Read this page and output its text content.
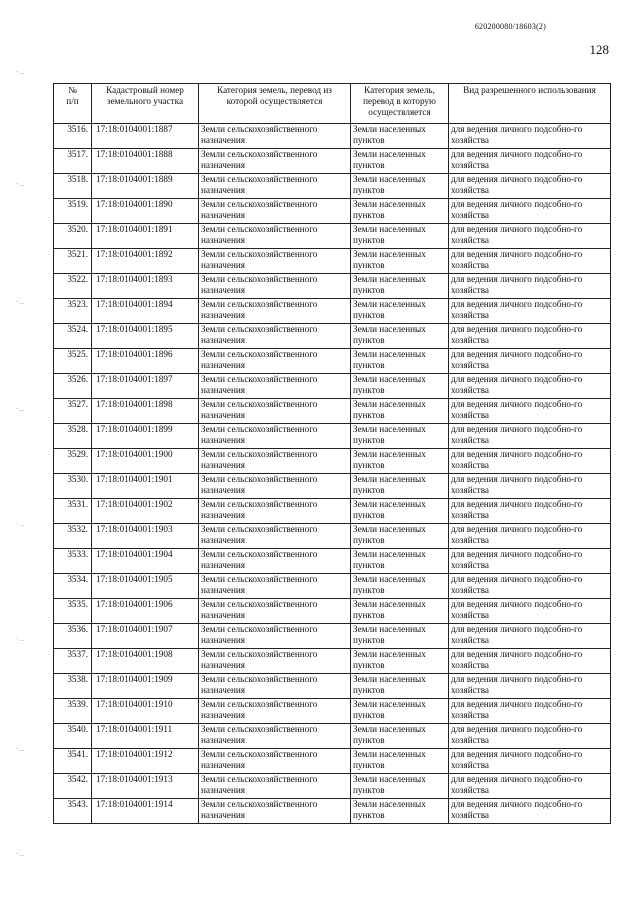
620200080/18603(2)
128
·..
·..
·..
·..
·..
·..
·..
·..
№
п/п	Кадастровый номер земельного участка	Категория земель, перевод из которой осуществляется	Категория земель, перевод в которую осуществляется	Вид разрешенного использования
3516.	17:18:0104001:1887	Земли сельскохозяйственного назначения	Земли населенных пунктов	для ведения личного подсобно-го хозяйства
3517.	17:18:0104001:1888	Земли сельскохозяйственного назначения	Земли населенных пунктов	для ведения личного подсобно-го хозяйства
3518.	17:18:0104001:1889	Земли сельскохозяйственного назначения	Земли населенных пунктов	для ведения личного подсобно-го хозяйства
3519.	17:18:0104001:1890	Земли сельскохозяйственного назначения	Земли населенных пунктов	для ведения личного подсобно-го хозяйства
3520.	17:18:0104001:1891	Земли сельскохозяйственного назначения	Земли населенных пунктов	для ведения личного подсобно-го хозяйства
3521.	17:18:0104001:1892	Земли сельскохозяйственного назначения	Земли населенных пунктов	для ведения личного подсобно-го хозяйства
3522.	17:18:0104001:1893	Земли сельскохозяйственного назначения	Земли населенных пунктов	для ведения личного подсобно-го хозяйства
3523.	17:18:0104001:1894	Земли сельскохозяйственного назначения	Земли населенных пунктов	для ведения личного подсобно-го хозяйства
3524.	17:18:0104001:1895	Земли сельскохозяйственного назначения	Земли населенных пунктов	для ведения личного подсобно-го хозяйства
3525.	17:18:0104001:1896	Земли сельскохозяйственного назначения	Земли населенных пунктов	для ведения личного подсобно-го хозяйства
3526.	17:18:0104001:1897	Земли сельскохозяйственного назначения	Земли населенных пунктов	для ведения личного подсобно-го хозяйства
3527.	17:18:0104001:1898	Земли сельскохозяйственного назначения	Земли населенных пунктов	для ведения личного подсобно-го хозяйства
3528.	17:18:0104001:1899	Земли сельскохозяйственного назначения	Земли населенных пунктов	для ведения личного подсобно-го хозяйства
3529.	17:18:0104001:1900	Земли сельскохозяйственного назначения	Земли населенных пунктов	для ведения личного подсобно-го хозяйства
3530.	17:18:0104001:1901	Земли сельскохозяйственного назначения	Земли населенных пунктов	для ведения личного подсобно-го хозяйства
3531.	17:18:0104001:1902	Земли сельскохозяйственного назначения	Земли населенных пунктов	для ведения личного подсобно-го хозяйства
3532.	17:18:0104001:1903	Земли сельскохозяйственного назначения	Земли населенных пунктов	для ведения личного подсобно-го хозяйства
3533.	17:18:0104001:1904	Земли сельскохозяйственного назначения	Земли населенных пунктов	для ведения личного подсобно-го хозяйства
3534.	17:18:0104001:1905	Земли сельскохозяйственного назначения	Земли населенных пунктов	для ведения личного подсобно-го хозяйства
3535.	17:18:0104001:1906	Земли сельскохозяйственного назначения	Земли населенных пунктов	для ведения личного подсобно-го хозяйства
3536.	17:18:0104001:1907	Земли сельскохозяйственного назначения	Земли населенных пунктов	для ведения личного подсобно-го хозяйства
3537.	17:18:0104001:1908	Земли сельскохозяйственного назначения	Земли населенных пунктов	для ведения личного подсобно-го хозяйства
3538.	17:18:0104001:1909	Земли сельскохозяйственного назначения	Земли населенных пунктов	для ведения личного подсобно-го хозяйства
3539.	17:18:0104001:1910	Земли сельскохозяйственного назначения	Земли населенных пунктов	для ведения личного подсобно-го хозяйства
3540.	17:18:0104001:1911	Земли сельскохозяйственного назначения	Земли населенных пунктов	для ведения личного подсобно-го хозяйства
3541.	17:18:0104001:1912	Земли сельскохозяйственного назначения	Земли населенных пунктов	для ведения личного подсобно-го хозяйства
3542.	17:18:0104001:1913	Земли сельскохозяйственного назначения	Земли населенных пунктов	для ведения личного подсобно-го хозяйства
3543.	17:18:0104001:1914	Земли сельскохозяйственного назначения	Земли населенных пунктов	для ведения личного подсобно-го хозяйства
